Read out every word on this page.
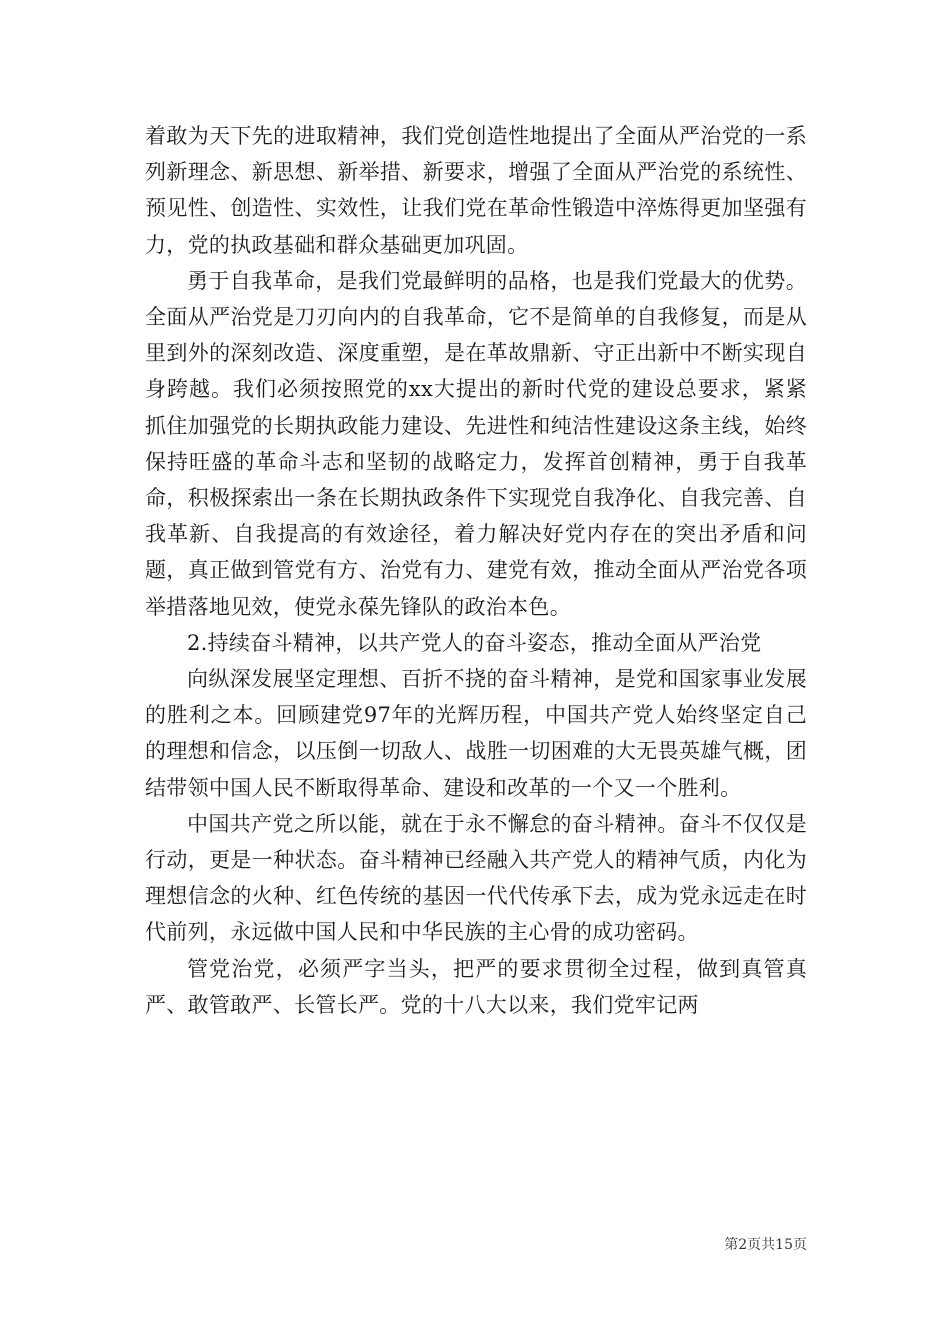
着敢为天下先的进取精神，我们党创造性地提出了全面从严治党的一系列新理念、新思想、新举措、新要求，增强了全面从严治党的系统性、预见性、创造性、实效性，让我们党在革命性锻造中淬炼得更加坚强有力，党的执政基础和群众基础更加巩固。

勇于自我革命，是我们党最鲜明的品格，也是我们党最大的优势。全面从严治党是刀刃向内的自我革命，它不是简单的自我修复，而是从里到外的深刻改造、深度重塑，是在革故鼎新、守正出新中不断实现自身跨越。我们必须按照党的xx大提出的新时代党的建设总要求，紧紧抓住加强党的长期执政能力建设、先进性和纯洁性建设这条主线，始终保持旺盛的革命斗志和坚韧的战略定力，发挥首创精神，勇于自我革命，积极探索出一条在长期执政条件下实现党自我净化、自我完善、自我革新、自我提高的有效途径，着力解决好党内存在的突出矛盾和问题，真正做到管党有方、治党有力、建党有效，推动全面从严治党各项举措落地见效，使党永葆先锋队的政治本色。

2.持续奋斗精神，以共产党人的奋斗姿态，推动全面从严治党

向纵深发展坚定理想、百折不挠的奋斗精神，是党和国家事业发展的胜利之本。回顾建党97年的光辉历程，中国共产党人始终坚定自己的理想和信念，以压倒一切敌人、战胜一切困难的大无畏英雄气概，团结带领中国人民不断取得革命、建设和改革的一个又一个胜利。

中国共产党之所以能，就在于永不懈怠的奋斗精神。奋斗不仅仅是行动，更是一种状态。奋斗精神已经融入共产党人的精神气质，内化为理想信念的火种、红色传统的基因一代代传承下去，成为党永远走在时代前列，永远做中国人民和中华民族的主心骨的成功密码。

管党治党，必须严字当头，把严的要求贯彻全过程，做到真管真严、敢管敢严、长管长严。党的十八大以来，我们党牢记两

第2页共15页
